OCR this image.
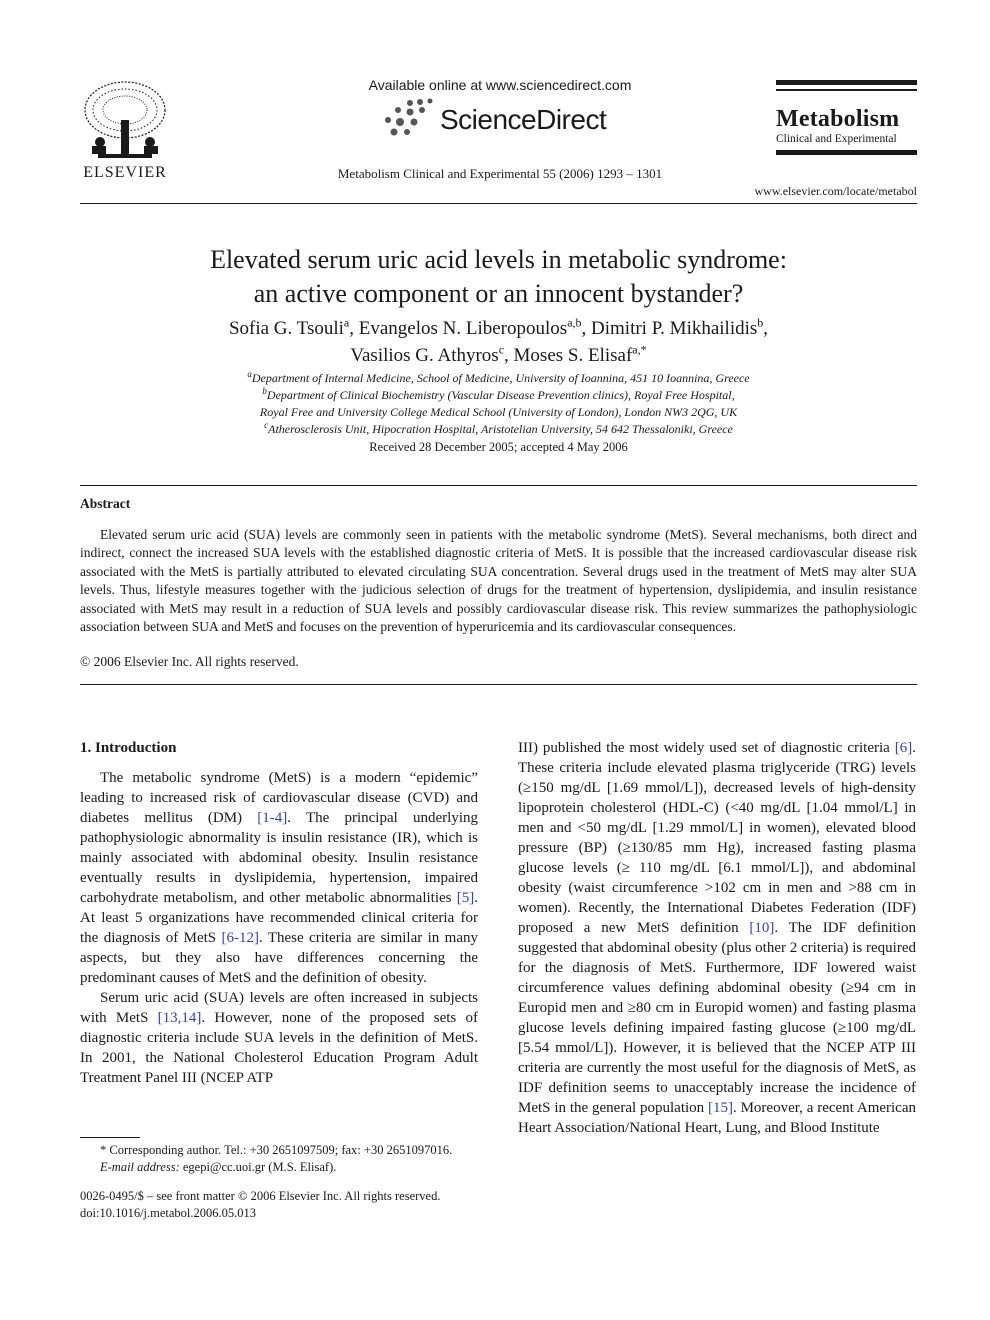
ELSEVIER
Available online at www.sciencedirect.com
ScienceDirect
Metabolism Clinical and Experimental 55 (2006) 1293 – 1301
Metabolism
Clinical and Experimental
www.elsevier.com/locate/metabol
Elevated serum uric acid levels in metabolic syndrome:
an active component or an innocent bystander?
Sofia G. Tsouli$^a$, Evangelos N. Liberopoulos$^{a,b}$, Dimitri P. Mikhailidis$^b$,
Vasilios G. Athyros$^c$, Moses S. Elisaf$^{a,*}$
$^a$Department of Internal Medicine, School of Medicine, University of Ioannina, 451 10 Ioannina, Greece
$^b$Department of Clinical Biochemistry (Vascular Disease Prevention clinics), Royal Free Hospital,
Royal Free and University College Medical School (University of London), London NW3 2QG, UK
$^c$Atherosclerosis Unit, Hipocration Hospital, Aristotelian University, 54 642 Thessaloniki, Greece
Received 28 December 2005; accepted 4 May 2006
Abstract
Elevated serum uric acid (SUA) levels are commonly seen in patients with the metabolic syndrome (MetS). Several mechanisms, both direct and indirect, connect the increased SUA levels with the established diagnostic criteria of MetS. It is possible that the increased cardiovascular disease risk associated with the MetS is partially attributed to elevated circulating SUA concentration. Several drugs used in the treatment of MetS may alter SUA levels. Thus, lifestyle measures together with the judicious selection of drugs for the treatment of hypertension, dyslipidemia, and insulin resistance associated with MetS may result in a reduction of SUA levels and possibly cardiovascular disease risk. This review summarizes the pathophysiologic association between SUA and MetS and focuses on the prevention of hyperuricemia and its cardiovascular consequences.
© 2006 Elsevier Inc. All rights reserved.
1. Introduction

The metabolic syndrome (MetS) is a modern “epidemic” leading to increased risk of cardiovascular disease (CVD) and diabetes mellitus (DM) [1-4]. The principal underlying pathophysiologic abnormality is insulin resistance (IR), which is mainly associated with abdominal obesity. Insulin resistance eventually results in dyslipidemia, hypertension, impaired carbohydrate metabolism, and other metabolic abnormalities [5]. At least 5 organizations have recommended clinical criteria for the diagnosis of MetS [6-12]. These criteria are similar in many aspects, but they also have differences concerning the predominant causes of MetS and the definition of obesity.

Serum uric acid (SUA) levels are often increased in subjects with MetS [13,14]. However, none of the proposed sets of diagnostic criteria include SUA levels in the definition of MetS. In 2001, the National Cholesterol Education Program Adult Treatment Panel III (NCEP ATP

III) published the most widely used set of diagnostic criteria [6]. These criteria include elevated plasma triglyceride (TRG) levels (≥150 mg/dL [1.69 mmol/L]), decreased levels of high-density lipoprotein cholesterol (HDL-C) (<40 mg/dL [1.04 mmol/L] in men and <50 mg/dL [1.29 mmol/L] in women), elevated blood pressure (BP) (≥130/85 mm Hg), increased fasting plasma glucose levels (≥ 110 mg/dL [6.1 mmol/L]), and abdominal obesity (waist circumference >102 cm in men and >88 cm in women). Recently, the International Diabetes Federation (IDF) proposed a new MetS definition [10]. The IDF definition suggested that abdominal obesity (plus other 2 criteria) is required for the diagnosis of MetS. Furthermore, IDF lowered waist circumference values defining abdominal obesity (≥94 cm in Europid men and ≥80 cm in Europid women) and fasting plasma glucose levels defining impaired fasting glucose (≥100 mg/dL [5.54 mmol/L]). However, it is believed that the NCEP ATP III criteria are currently the most useful for the diagnosis of MetS, as IDF definition seems to unacceptably increase the incidence of MetS in the general population [15]. Moreover, a recent American Heart Association/National Heart, Lung, and Blood Institute

* Corresponding author. Tel.: +30 2651097509; fax: +30 2651097016.
E-mail address: egepi@cc.uoi.gr (M.S. Elisaf).
0026-0495/$ – see front matter © 2006 Elsevier Inc. All rights reserved.
doi:10.1016/j.metabol.2006.05.013
